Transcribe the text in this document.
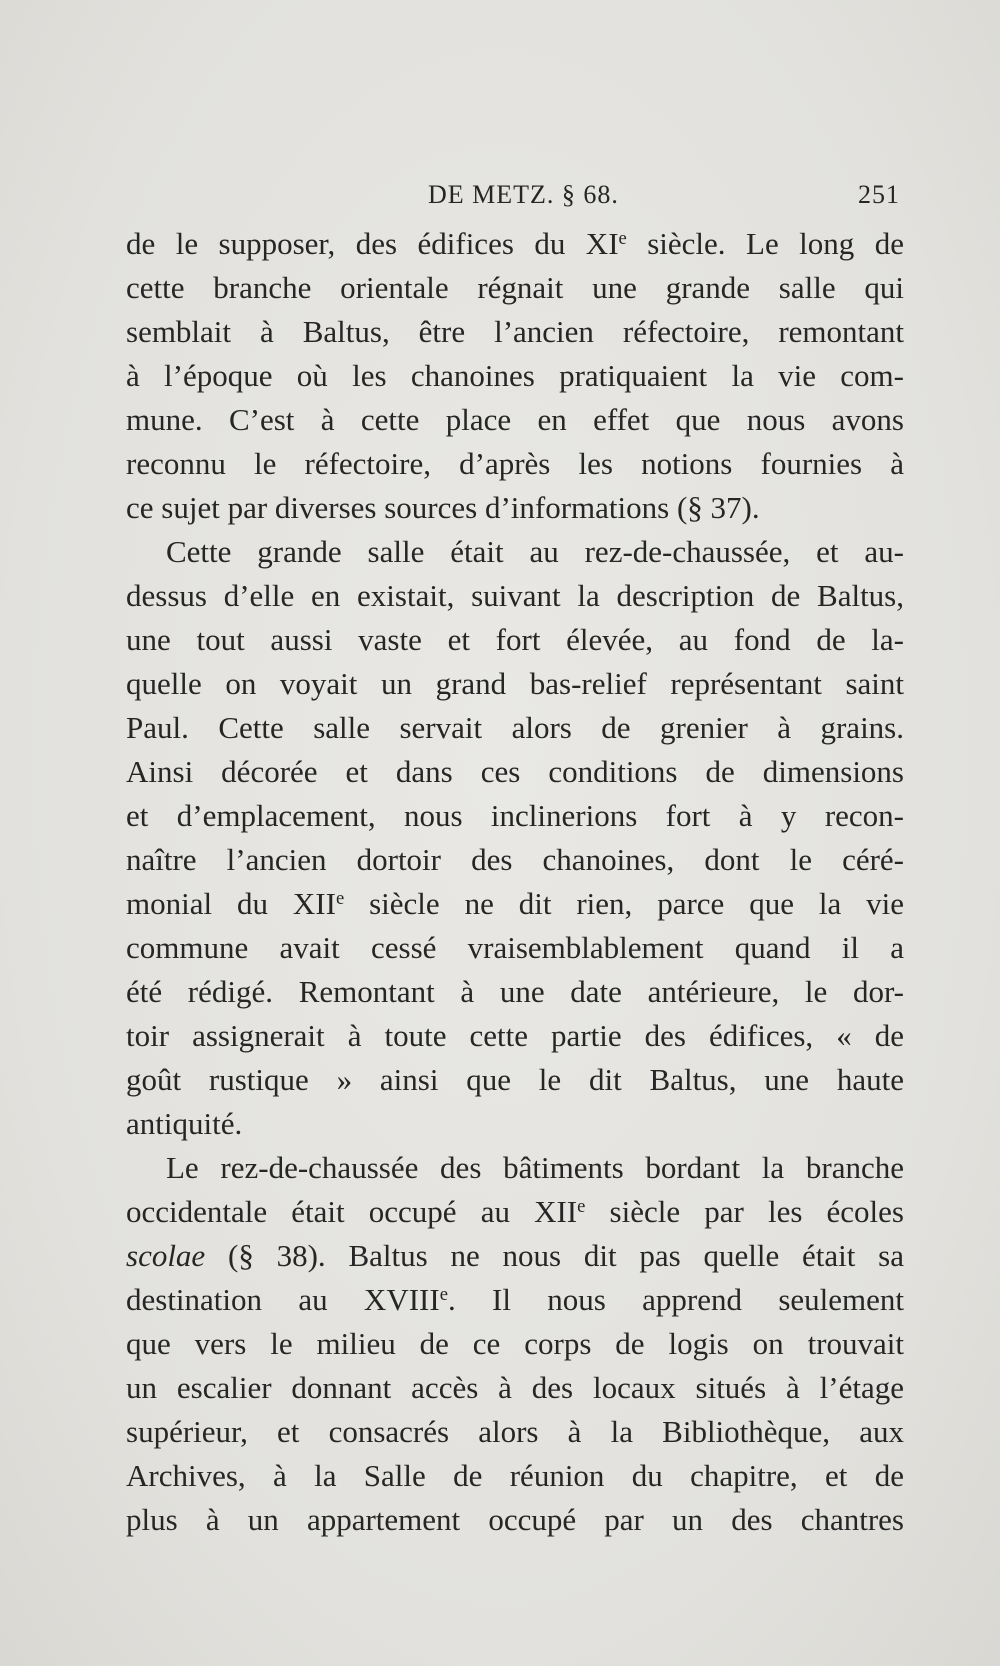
DE METZ. § 68.	251
de le supposer, des édifices du XIe siècle. Le long de
cette branche orientale régnait une grande salle qui
semblait à Baltus, être l’ancien réfectoire, remontant
à l’époque où les chanoines pratiquaient la vie com-
mune. C’est à cette place en effet que nous avons
reconnu le réfectoire, d’après les notions fournies à
ce sujet par diverses sources d’informations (§ 37).
Cette grande salle était au rez-de-chaussée, et au-
dessus d’elle en existait, suivant la description de Baltus,
une tout aussi vaste et fort élevée, au fond de la-
quelle on voyait un grand bas-relief représentant saint
Paul. Cette salle servait alors de grenier à grains.
Ainsi décorée et dans ces conditions de dimensions
et d’emplacement, nous inclinerions fort à y recon-
naître l’ancien dortoir des chanoines, dont le céré-
monial du XIIe siècle ne dit rien, parce que la vie
commune avait cessé vraisemblablement quand il a
été rédigé. Remontant à une date antérieure, le dor-
toir assignerait à toute cette partie des édifices, « de
goût rustique » ainsi que le dit Baltus, une haute
antiquité.
Le rez-de-chaussée des bâtiments bordant la branche
occidentale était occupé au XIIe siècle par les écoles
scolae (§ 38). Baltus ne nous dit pas quelle était sa
destination au XVIIIe. Il nous apprend seulement
que vers le milieu de ce corps de logis on trouvait
un escalier donnant accès à des locaux situés à l’étage
supérieur, et consacrés alors à la Bibliothèque, aux
Archives, à la Salle de réunion du chapitre, et de
plus à un appartement occupé par un des chantres
